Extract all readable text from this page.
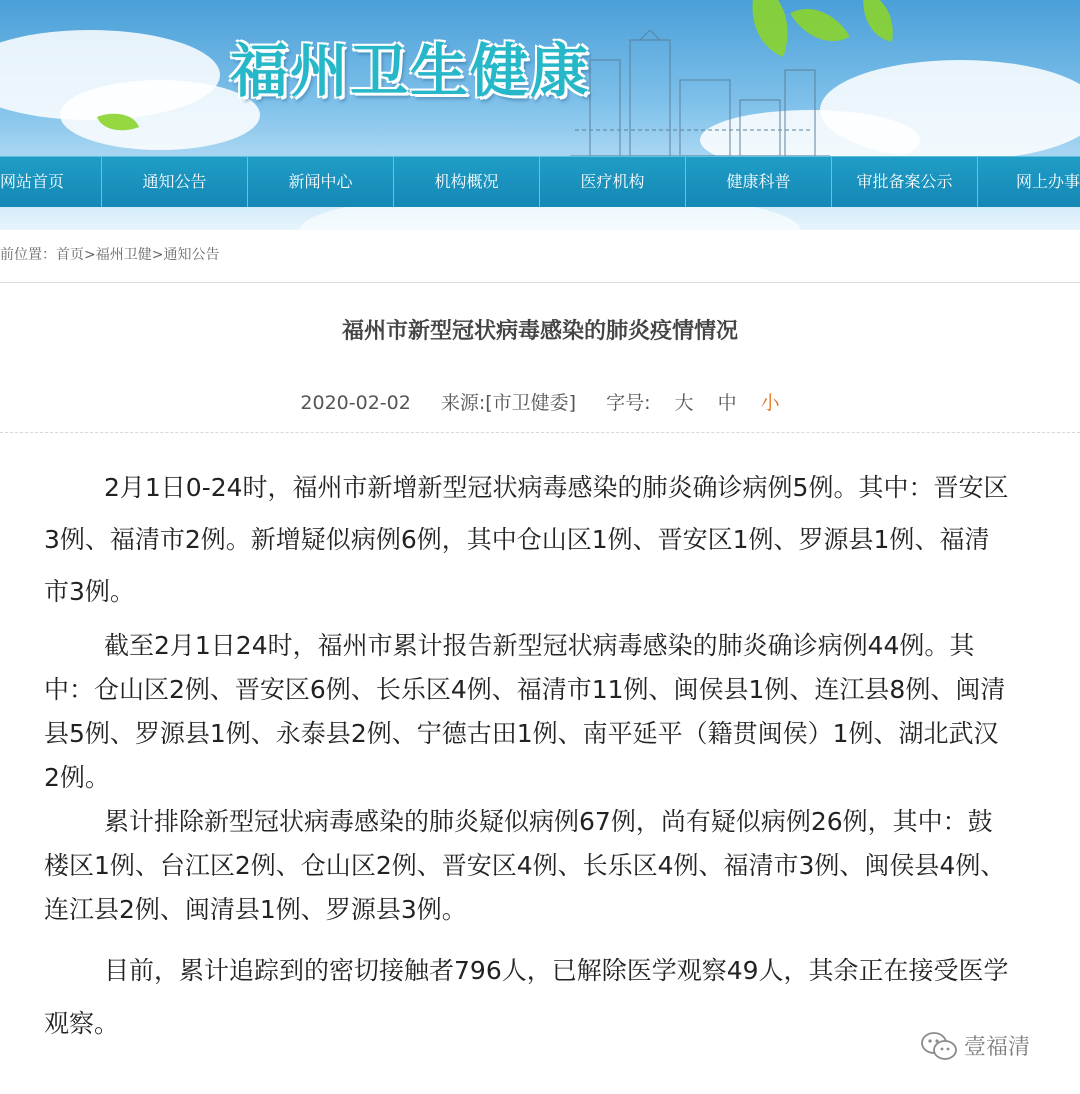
福州卫生健康
网站首页	通知公告	新闻中心	机构概况	医疗机构	健康科普	审批备案公示	网上办事
前位置：首页>福州卫健>通知公告
福州市新型冠状病毒感染的肺炎疫情情况
2020-02-02 来源:[市卫健委] 字号: 大 中 小

2月1日0-24时，福州市新增新型冠状病毒感染的肺炎确诊病例5例。其中：晋安区3例、福清市2例。新增疑似病例6例，其中仓山区1例、晋安区1例、罗源县1例、福清市3例。

截至2月1日24时，福州市累计报告新型冠状病毒感染的肺炎确诊病例44例。其中：仓山区2例、晋安区6例、长乐区4例、福清市11例、闽侯县1例、连江县8例、闽清县5例、罗源县1例、永泰县2例、宁德古田1例、南平延平（籍贯闽侯）1例、湖北武汉2例。

累计排除新型冠状病毒感染的肺炎疑似病例67例，尚有疑似病例26例，其中：鼓楼区1例、台江区2例、仓山区2例、晋安区4例、长乐区4例、福清市3例、闽侯县4例、连江县2例、闽清县1例、罗源县3例。

目前，累计追踪到的密切接触者796人，已解除医学观察49人，其余正在接受医学观察。

壹福清
